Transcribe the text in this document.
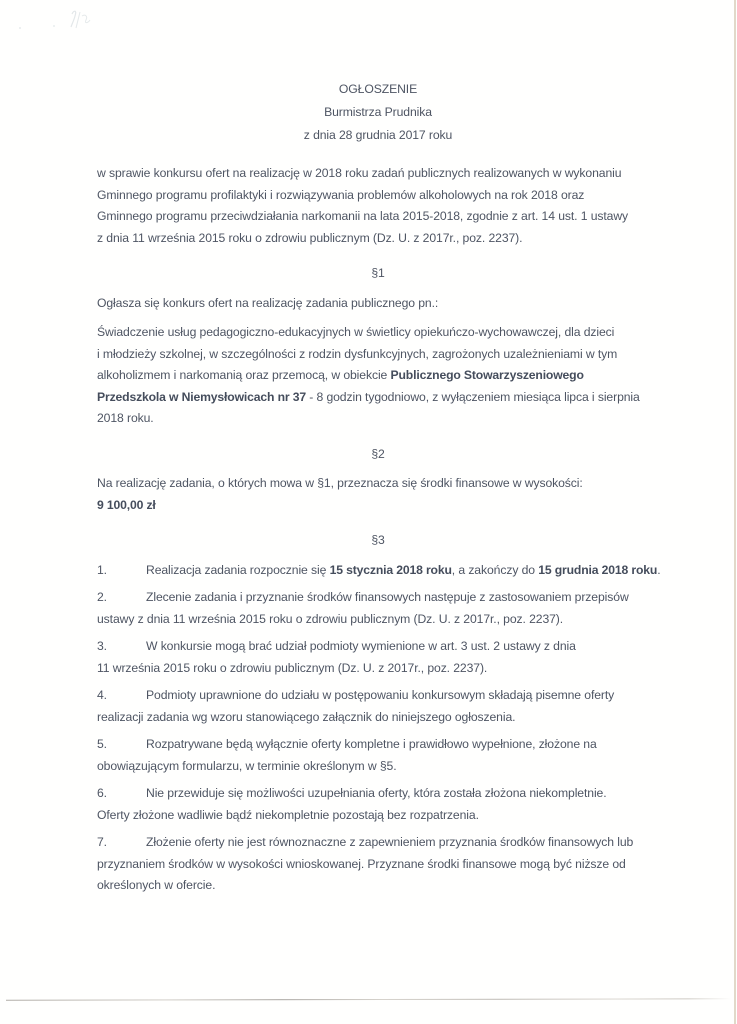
OGŁOSZENIE
Burmistrza Prudnika
z dnia 28 grudnia 2017 roku
w sprawie konkursu ofert na realizację w 2018 roku zadań publicznych realizowanych w wykonaniu
Gminnego programu profilaktyki i rozwiązywania problemów alkoholowych na rok 2018 oraz
Gminnego programu przeciwdziałania narkomanii na lata 2015-2018, zgodnie z art. 14 ust. 1 ustawy
z dnia 11 września 2015 roku o zdrowiu publicznym (Dz. U. z 2017r., poz. 2237).
§1
Ogłasza się konkurs ofert na realizację zadania publicznego pn.:
Świadczenie usług pedagogiczno-edukacyjnych w świetlicy opiekuńczo-wychowawczej, dla dzieci
i młodzieży szkolnej, w szczególności z rodzin dysfunkcyjnych, zagrożonych uzależnieniami w tym
alkoholizmem i narkomanią oraz przemocą, w obiekcie Publicznego Stowarzyszeniowego
Przedszkola w Niemysłowicach nr 37 - 8 godzin tygodniowo, z wyłączeniem miesiąca lipca i sierpnia
2018 roku.
§2
Na realizację zadania, o których mowa w §1, przeznacza się środki finansowe w wysokości:
9 100,00 zł
§3
1.	Realizacja zadania rozpocznie się 15 stycznia 2018 roku, a zakończy do 15 grudnia 2018 roku.
2.	Zlecenie zadania i przyznanie środków finansowych następuje z zastosowaniem przepisów
ustawy z dnia 11 września 2015 roku o zdrowiu publicznym (Dz. U. z 2017r., poz. 2237).
3.	W konkursie mogą brać udział podmioty wymienione w art. 3 ust. 2 ustawy z dnia
11 września 2015 roku o zdrowiu publicznym (Dz. U. z 2017r., poz. 2237).
4.	Podmioty uprawnione do udziału w postępowaniu konkursowym składają pisemne oferty
realizacji zadania wg wzoru stanowiącego załącznik do niniejszego ogłoszenia.
5.	Rozpatrywane będą wyłącznie oferty kompletne i prawidłowo wypełnione, złożone na
obowiązującym formularzu, w terminie określonym w §5.
6.	Nie przewiduje się możliwości uzupełniania oferty, która została złożona niekompletnie.
Oferty złożone wadliwie bądź niekompletnie pozostają bez rozpatrzenia.
7.	Złożenie oferty nie jest równoznaczne z zapewnieniem przyznania środków finansowych lub
przyznaniem środków w wysokości wnioskowanej. Przyznane środki finansowe mogą być niższe od
określonych w ofercie.
